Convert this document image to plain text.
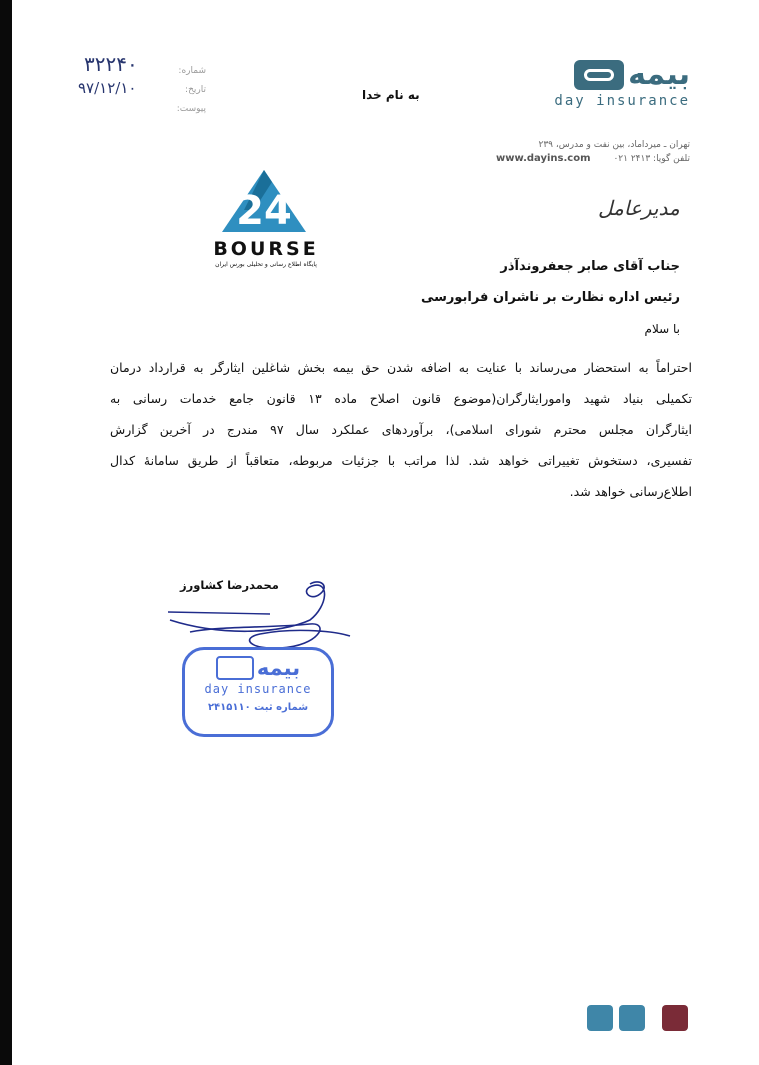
شماره:
تاریخ:
پیوست:
۳۲۲۴۰
۹۷/۱۲/۱۰	به نام خدا
بیمه
day insurance
تهران ـ میرداماد، بین نفت و مدرس، ۲۳۹
تلفن گویا: ۲۴۱۳ ۰۲۱
www.dayins.com
مدیرعامل
24
BOURSE
پایگاه اطلاع رسانی و تحلیلی بورس ایران	جناب آقای صابر جعفروندآذر
رئیس اداره نظارت بر ناشران فرابورسی
با سلام
احتراماً به استحضار می‌رساند با عنایت به اضافه شدن حق بیمه بخش شاغلین ایثارگر به قرارداد درمان
تکمیلی بنیاد شهید وامورایثارگران(موضوع قانون اصلاح ماده ۱۳ قانون جامع خدمات رسانی به
ایثارگران مجلس محترم شورای اسلامی)، برآوردهای عملکرد سال ۹۷ مندرج در آخرین گزارش
تفسیری، دستخوش تغییراتی خواهد شد. لذا مراتب با جزئیات مربوطه، متعاقباً از طریق سامانهٔ کدال
اطلاع‌رسانی خواهد شد.
محمدرضا کشاورز
بیمه
day insurance
شماره ثبت ۲۴۱۵۱۱۰
